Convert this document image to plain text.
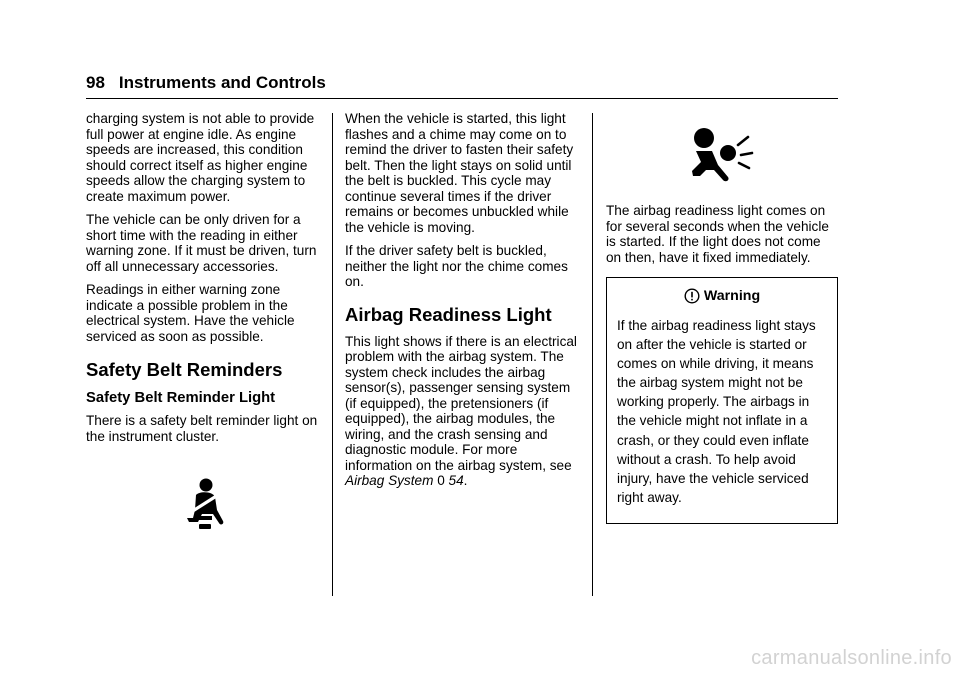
98 Instruments and Controls

charging system is not able to provide full power at engine idle. As engine speeds are increased, this condition should correct itself as higher engine speeds allow the charging system to create maximum power.

The vehicle can be only driven for a short time with the reading in either warning zone. If it must be driven, turn off all unnecessary accessories.

Readings in either warning zone indicate a possible problem in the electrical system. Have the vehicle serviced as soon as possible.

Safety Belt Reminders
Safety Belt Reminder Light

There is a safety belt reminder light on the instrument cluster.

When the vehicle is started, this light flashes and a chime may come on to remind the driver to fasten their safety belt. Then the light stays on solid until the belt is buckled. This cycle may continue several times if the driver remains or becomes unbuckled while the vehicle is moving.

If the driver safety belt is buckled, neither the light nor the chime comes on.

Airbag Readiness Light

This light shows if there is an electrical problem with the airbag system. The system check includes the airbag sensor(s), passenger sensing system (if equipped), the pretensioners (if equipped), the airbag modules, the wiring, and the crash sensing and diagnostic module. For more information on the airbag system, see Airbag System 0 54.

The airbag readiness light comes on for several seconds when the vehicle is started. If the light does not come on then, have it fixed immediately.

Warning

If the airbag readiness light stays on after the vehicle is started or comes on while driving, it means the airbag system might not be working properly. The airbags in the vehicle might not inflate in a crash, or they could even inflate without a crash. To help avoid injury, have the vehicle serviced right away.

carmanualsonline.info
